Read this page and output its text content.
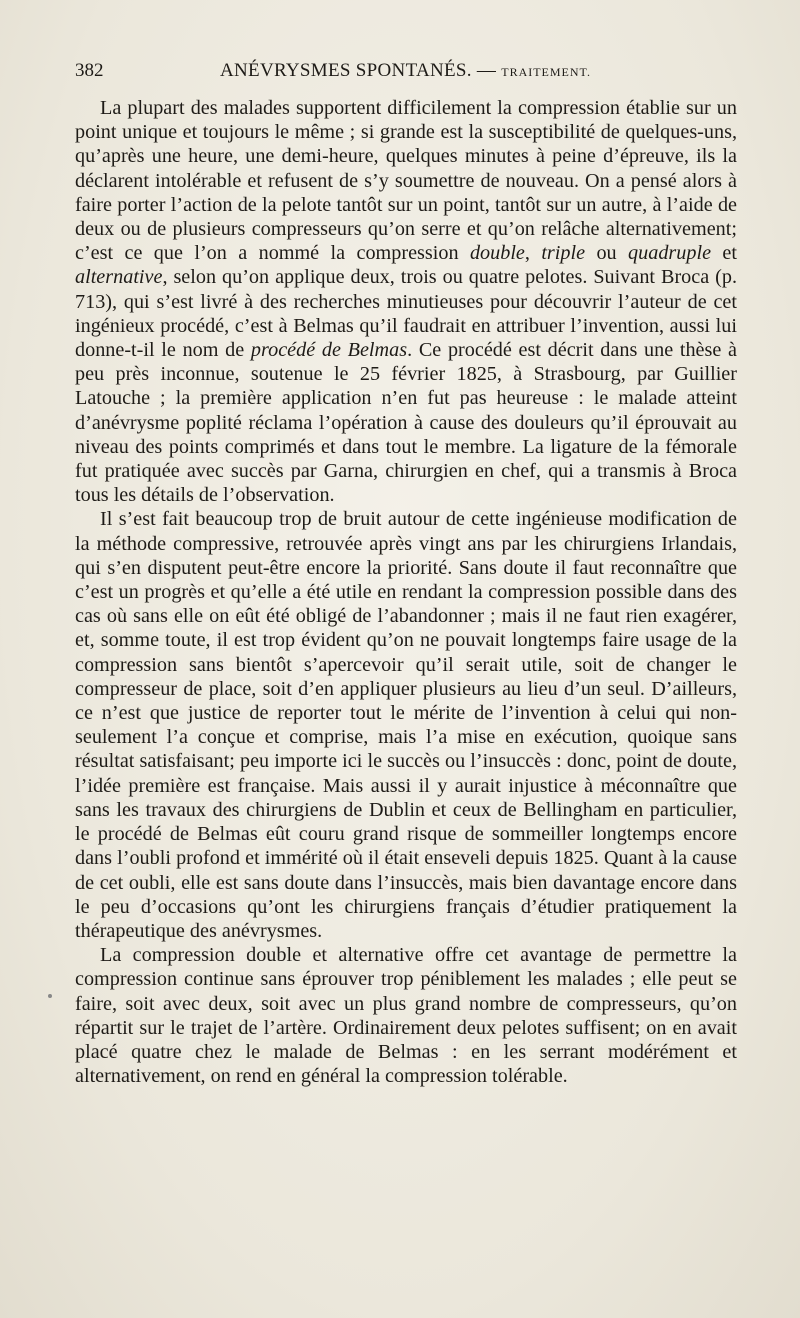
382	ANÉVRYSMES SPONTANÉS. — TRAITEMENT.

La plupart des malades supportent difficilement la compression établie sur un point unique et toujours le même ; si grande est la susceptibilité de quelques-uns, qu’après une heure, une demi-heure, quelques minutes à peine d’épreuve, ils la déclarent intolérable et refusent de s’y soumettre de nouveau. On a pensé alors à faire porter l’action de la pelote tantôt sur un point, tantôt sur un autre, à l’aide de deux ou de plusieurs compresseurs qu’on serre et qu’on relâche alternativement; c’est ce que l’on a nommé la compression double, triple ou quadruple et alternative, selon qu’on applique deux, trois ou quatre pelotes. Suivant Broca (p. 713), qui s’est livré à des recherches minutieuses pour découvrir l’auteur de cet ingénieux procédé, c’est à Belmas qu’il faudrait en attribuer l’invention, aussi lui donne-t-il le nom de procédé de Belmas. Ce procédé est décrit dans une thèse à peu près inconnue, soutenue le 25 février 1825, à Strasbourg, par Guillier Latouche ; la première application n’en fut pas heureuse : le malade atteint d’anévrysme poplité réclama l’opération à cause des douleurs qu’il éprouvait au niveau des points comprimés et dans tout le membre. La ligature de la fémorale fut pratiquée avec succès par Garna, chirurgien en chef, qui a transmis à Broca tous les détails de l’observation.

Il s’est fait beaucoup trop de bruit autour de cette ingénieuse modification de la méthode compressive, retrouvée après vingt ans par les chirurgiens Irlandais, qui s’en disputent peut-être encore la priorité. Sans doute il faut reconnaître que c’est un progrès et qu’elle a été utile en rendant la compression possible dans des cas où sans elle on eût été obligé de l’abandonner ; mais il ne faut rien exagérer, et, somme toute, il est trop évident qu’on ne pouvait longtemps faire usage de la compression sans bientôt s’apercevoir qu’il serait utile, soit de changer le compresseur de place, soit d’en appliquer plusieurs au lieu d’un seul. D’ailleurs, ce n’est que justice de reporter tout le mérite de l’invention à celui qui non-seulement l’a conçue et comprise, mais l’a mise en exécution, quoique sans résultat satisfaisant; peu importe ici le succès ou l’insuccès : donc, point de doute, l’idée première est française. Mais aussi il y aurait injustice à méconnaître que sans les travaux des chirurgiens de Dublin et ceux de Bellingham en particulier, le procédé de Belmas eût couru grand risque de sommeiller longtemps encore dans l’oubli profond et immérité où il était enseveli depuis 1825. Quant à la cause de cet oubli, elle est sans doute dans l’insuccès, mais bien davantage encore dans le peu d’occasions qu’ont les chirurgiens français d’étudier pratiquement la thérapeutique des anévrysmes.

La compression double et alternative offre cet avantage de permettre la compression continue sans éprouver trop péniblement les malades ; elle peut se faire, soit avec deux, soit avec un plus grand nombre de compresseurs, qu’on répartit sur le trajet de l’artère. Ordinairement deux pelotes suffisent; on en avait placé quatre chez le malade de Belmas : en les serrant modérément et alternativement, on rend en général la compression tolérable.
